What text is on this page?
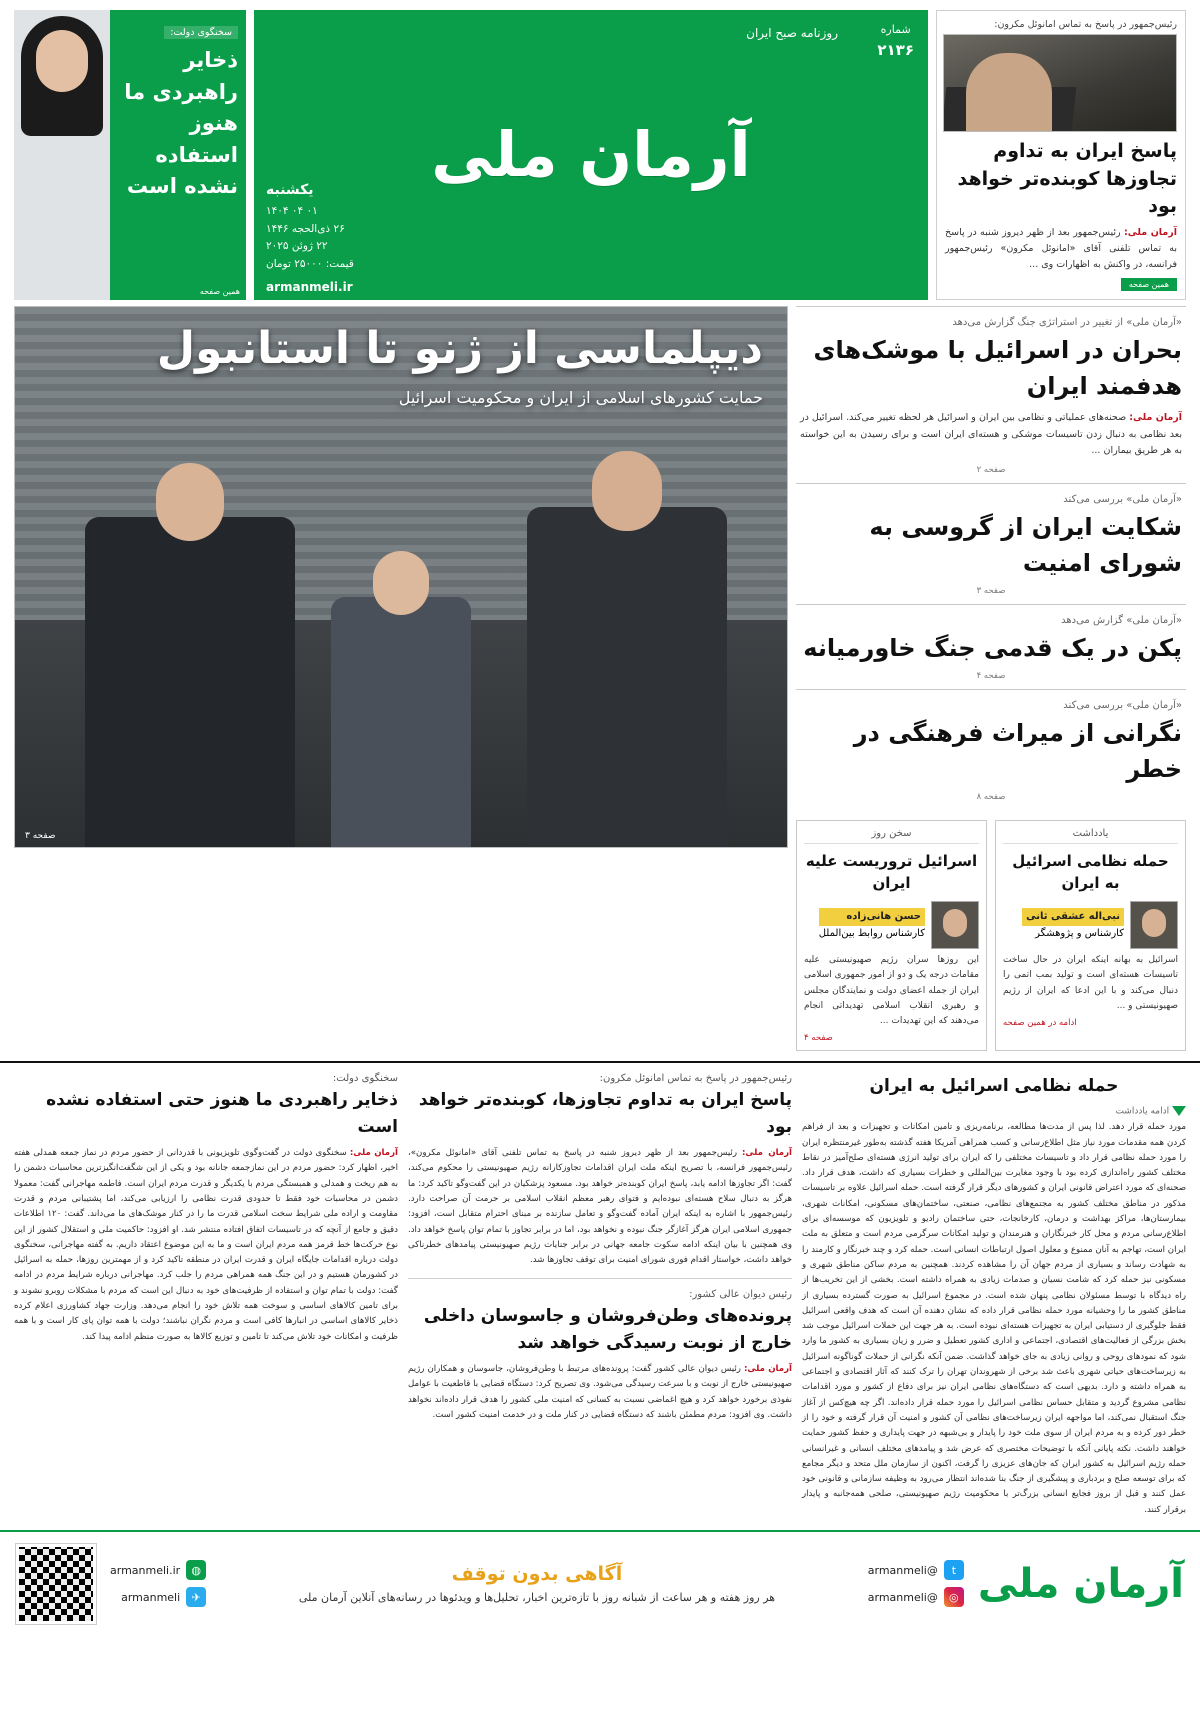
رئیس‌جمهور در پاسخ به تماس امانوئل مکرون:
پاسخ ایران به تداوم تجاوزها کوبنده‌تر خواهد بود

آرمان ملی: رئیس‌جمهور بعد از ظهر دیروز شنبه در پاسخ به تماس تلفنی آقای «امانوئل مکرون» رئیس‌جمهور فرانسه، در واکنش به اظهارات وی ...

همین صفحه
شماره
۲۱۳۶
روزنامه صبح ایران
آرمان ملی
یکشنبه
۰۱ ۰۴ ۱۴۰۴
۲۶ ذی‌الحجه ۱۴۴۶
۲۲ ژوئن ۲۰۲۵
قیمت: ۲۵۰۰۰ تومان
armanmeli.ir
سخنگوی دولت:
ذخایر راهبردی ما هنوز استفاده نشده است
همین صفحه
«آرمان ملی» از تغییر در استراتژی جنگ گزارش می‌دهد
بحران در اسرائیل با موشک‌های هدفمند ایران

آرمان ملی: صحنه‌های عملیاتی و نظامی بین ایران و اسرائیل هر لحظه تغییر می‌کند. اسرائیل در بعد نظامی به دنبال زدن تاسیسات موشکی و هسته‌ای ایران است و برای رسیدن به این خواسته به هر طریق بیماران ...

صفحه ۲
«آرمان ملی» بررسی می‌کند
شکایت ایران از گروسی به شورای امنیت
صفحه ۳
«آرمان ملی» گزارش می‌دهد
پکن در یک قدمی جنگ خاورمیانه
صفحه ۴
«آرمان ملی» بررسی می‌کند
نگرانی از میراث فرهنگی در خطر
صفحه ۸
یادداشت
حمله نظامی اسرائیل به ایران
نبی‌اله عشقی ثانی
کارشناس و پژوهشگر

اسرائیل به بهانه اینکه ایران در حال ساخت تاسیسات هسته‌ای است و تولید بمب اتمی را دنبال می‌کند و با این ادعا که ایران از رژیم صهیونیستی و ...

ادامه در همین صفحه
سخن روز
اسرائیل تروریست علیه ایران
حسن هانی‌زاده
کارشناس روابط بین‌الملل

این روزها سران رژیم صهیونیستی علیه مقامات درجه یک و دو از امور جمهوری اسلامی ایران از جمله اعضای دولت و نمایندگان مجلس و رهبری انقلاب اسلامی تهدیداتی انجام می‌دهند که این تهدیدات ...

صفحه ۴
دیپلماسی از ژنو تا استانبول
حمایت کشورهای اسلامی از ایران و محکومیت اسرائیل
صفحه ۳
حمله نظامی اسرائیل به ایران
ادامه یادداشت
مورد حمله قرار دهد. لذا پس از مدت‌ها مطالعه، برنامه‌ریزی و تامین امکانات و تجهیزات و بعد از فراهم کردن همه مقدمات مورد نیاز مثل اطلاع‌رسانی و کسب همراهی آمریکا هفته گذشته به‌طور غیرمنتظره ایران را مورد حمله نظامی قرار داد و تاسیسات مختلفی را که ایران برای تولید انرژی هسته‌ای صلح‌آمیز در نقاط مختلف کشور راه‌اندازی کرده بود با وجود مغایرت بین‌المللی و خطرات بسیاری که داشت، هدف قرار داد. صحنه‌ای که مورد اعتراض قانونی ایران و کشورهای دیگر قرار گرفته است. حمله اسرائیل علاوه بر تاسیسات مذکور در مناطق مختلف کشور به مجتمع‌های نظامی، صنعتی، ساختمان‌های مسکونی، امکانات شهری، بیمارستان‌ها، مراکز بهداشت و درمان، کارخانجات، حتی ساختمان رادیو و تلویزیون که موسسه‌ای برای اطلاع‌رسانی مردم و محل کار خبرنگاران و هنرمندان و تولید امکانات سرگرمی مردم است و متعلق به ملت ایران است، تهاجم به آنان ممنوع و معلول اصول ارتباطات انسانی است. حمله کرد و چند خبرنگار و کارمند را به شهادت رساند و بسیاری از مردم جهان آن را مشاهده کردند. همچنین به مردم ساکن مناطق شهری و مسکونی نیز حمله کرد که شامت نسیان و صدمات زیادی به همراه داشته است. بخشی از این تخریب‌ها از راه دیدگاه با توسط مسئولان نظامی پنهان شده است. در مجموع اسرائیل به صورت گسترده بسیاری از مناطق کشور ما را وحشیانه مورد حمله نظامی قرار داده که نشان دهنده آن است که هدف واقعی اسرائیل فقط جلوگیری از دستیابی ایران به تجهیزات هسته‌ای نبوده است. به هر جهت این حملات اسرائیل موجب شد بخش بزرگی از فعالیت‌های اقتصادی، اجتماعی و اداری کشور تعطیل و ضرر و زیان بسیاری به کشور ما وارد شود که نمودهای روحی و روانی زیادی به جای خواهد گذاشت. ضمن آنکه نگرانی از حملات گوناگونه اسرائیل به زیرساخت‌های حیاتی شهری باعث شد برخی از شهروندان تهران را ترک کنند که آثار اقتصادی و اجتماعی به همراه داشته و دارد. بدیهی است که دستگاه‌های نظامی ایران نیز برای دفاع از کشور و مورد اقدامات نظامی مشروع گردید و متقابل حساس نظامی اسرائیل را مورد حمله قرار داده‌اند. اگر چه هیچ‌کس از آغاز جنگ استقبال نمی‌کند، اما مواجهه ایران زیرساخت‌های نظامی آن کشور و امنیت آن قرار گرفته و خود را از خطر دور کرده و به مردم ایران از سوی ملت خود را پایدار و بی‌شبهه در جهت پایداری و حفظ کشور حمایت خواهند داشت. نکته پایانی آنکه با توضیحات مختصری که عرض شد و پیامدهای مختلف انسانی و غیرانسانی حمله رژیم اسرائیل به کشور ایران که جان‌های عزیزی را گرفت، اکنون از سازمان ملل متحد و دیگر مجامع که برای توسعه صلح و بردباری و پیشگیری از جنگ بنا شده‌اند انتظار می‌رود به وظیفه سازمانی و قانونی خود عمل کنند و قبل از بروز فجایع انسانی بزرگ‌تر با محکومیت رژیم صهیونیستی، صلحی همه‌جانبه و پایدار برقرار کنند.
رئیس‌جمهور در پاسخ به تماس امانوئل مکرون:
پاسخ ایران به تداوم تجاوزها، کوبنده‌تر خواهد بود
آرمان ملی: رئیس‌جمهور بعد از ظهر دیروز شنبه در پاسخ به تماس تلفنی آقای «امانوئل مکرون»، رئیس‌جمهور فرانسه، با تصریح اینکه ملت ایران اقدامات تجاوزکارانه رژیم صهیونیستی را محکوم می‌کند، گفت: اگر تجاوزها ادامه یابد، پاسخ ایران کوبنده‌تر خواهد بود. مسعود پزشکیان در این گفت‌وگو تاکید کرد: ما هرگز به دنبال سلاح هسته‌ای نبوده‌ایم و فتوای رهبر معظم انقلاب اسلامی بر حرمت آن صراحت دارد. رئیس‌جمهور با اشاره به اینکه ایران آماده گفت‌وگو و تعامل سازنده بر مبنای احترام متقابل است، افزود: جمهوری اسلامی ایران هرگز آغازگر جنگ نبوده و نخواهد بود، اما در برابر تجاوز با تمام توان پاسخ خواهد داد. وی همچنین با بیان اینکه ادامه سکوت جامعه جهانی در برابر جنایات رژیم صهیونیستی پیامدهای خطرناکی خواهد داشت، خواستار اقدام فوری شورای امنیت برای توقف تجاوزها شد.
رئیس دیوان عالی کشور:
پرونده‌های وطن‌فروشان و جاسوسان داخلی خارج از نوبت رسیدگی خواهد شد
آرمان ملی: رئیس دیوان عالی کشور گفت: پرونده‌های مرتبط با وطن‌فروشان، جاسوسان و همکاران رژیم صهیونیستی خارج از نوبت و با سرعت رسیدگی می‌شود. وی تصریح کرد: دستگاه قضایی با قاطعیت با عوامل نفوذی برخورد خواهد کرد و هیچ اغماضی نسبت به کسانی که امنیت ملی کشور را هدف قرار داده‌اند نخواهد داشت. وی افزود: مردم مطمئن باشند که دستگاه قضایی در کنار ملت و در خدمت امنیت کشور است.
سخنگوی دولت:
ذخایر راهبردی ما هنوز حتی استفاده نشده است
آرمان ملی: سخنگوی دولت در گفت‌وگوی تلویزیونی با قدردانی از حضور مردم در نماز جمعه همدلی هفته اخیر، اظهار کرد: حضور مردم در این نمازجمعه جانانه بود و یکی از این شگفت‌انگیزترین محاسبات دشمن را به هم ریخت و همدلی و همبستگی مردم با یکدیگر و قدرت مردم ایران است. فاطمه مهاجرانی گفت: معمولا دشمن در محاسبات خود فقط تا حدودی قدرت نظامی را ارزیابی می‌کند، اما پشتیبانی مردم و قدرت مقاومت و اراده ملی شرایط سخت اسلامی قدرت ما را در کنار موشک‌های ما می‌داند. گفت: ۱۲۰ اطلاعات دقیق و جامع از آنچه که در تاسیسات اتفاق افتاده منتشر شد. او افزود: حاکمیت ملی و استقلال کشور از این نوع حرکت‌ها خط قرمز همه مردم ایران است و ما به این موضوع اعتقاد داریم. به گفته مهاجرانی، سخنگوی دولت درباره اقدامات جایگاه ایران و قدرت ایران در منطقه تاکید کرد و از مهمترین روزها، حمله به اسرائیل در کشورمان هستیم و در این جنگ همه همراهی مردم را جلب کرد. مهاجرانی درباره شرایط مردم در ادامه گفت: دولت با تمام توان و استفاده از ظرفیت‌های خود به دنبال این است که مردم با مشکلات روبرو نشوند و برای تامین کالاهای اساسی و سوخت همه تلاش خود را انجام می‌دهد. وزارت جهاد کشاورزی اعلام کرده ذخایر کالاهای اساسی در انبارها کافی است و مردم نگران نباشند؛ دولت با همه توان پای کار است و با همه ظرفیت و امکانات خود تلاش می‌کند تا تامین و توزیع کالاها به صورت منظم ادامه پیدا کند.
آرمان ملی
t
@armanmeli
◎
@armanmeli
آگاهی بدون توقف
هر روز هفته و هر ساعت از شبانه روز با تازه‌ترین اخبار، تحلیل‌ها و ویدئوها در رسانه‌های آنلاین آرمان ملی
◍
armanmeli.ir
✈
armanmeli
